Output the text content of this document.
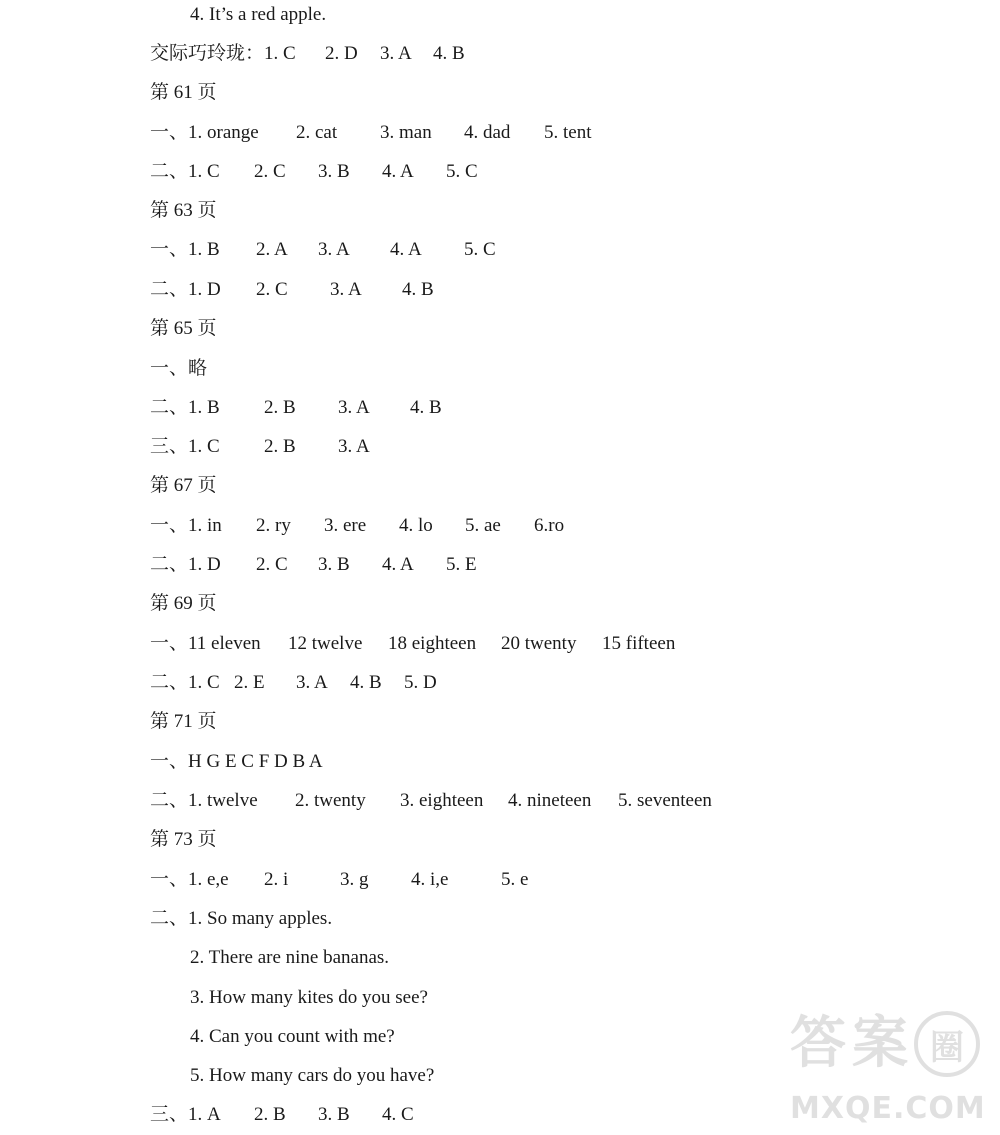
4. It’s a red apple.
交际巧玲珑：1. C 2. D 3. A 4. B
第 61 页
一、1. orange 2. cat 3. man 4. dad 5. tent
二、1. C 2. C 3. B 4. A 5. C
第 63 页
一、1. B 2. A 3. A 4. A 5. C
二、1. D 2. C 3. A 4. B
第 65 页
一、略
二、1. B 2. B 3. A 4. B
三、1. C 2. B 3. A
第 67 页
一、1. in 2. ry 3. ere 4. lo 5. ae 6.ro
二、1. D 2. C 3. B 4. A 5. E
第 69 页
一、11 eleven 12 twelve 18 eighteen 20 twenty 15 fifteen
二、1. C 2. E 3. A 4. B 5. D
第 71 页
一、H G E C F D B A
二、1. twelve 2. twenty 3. eighteen 4. nineteen 5. seventeen
第 73 页
一、1. e,e 2. i	3. g 4. i,e	5. e
二、1. So many apples.
2. There are nine bananas.
3. How many kites do you see?
4. Can you count with me?
5. How many cars do you have?
三、1. A 2. B 3. B 4. C
答 案 圈
MXQE.COM
